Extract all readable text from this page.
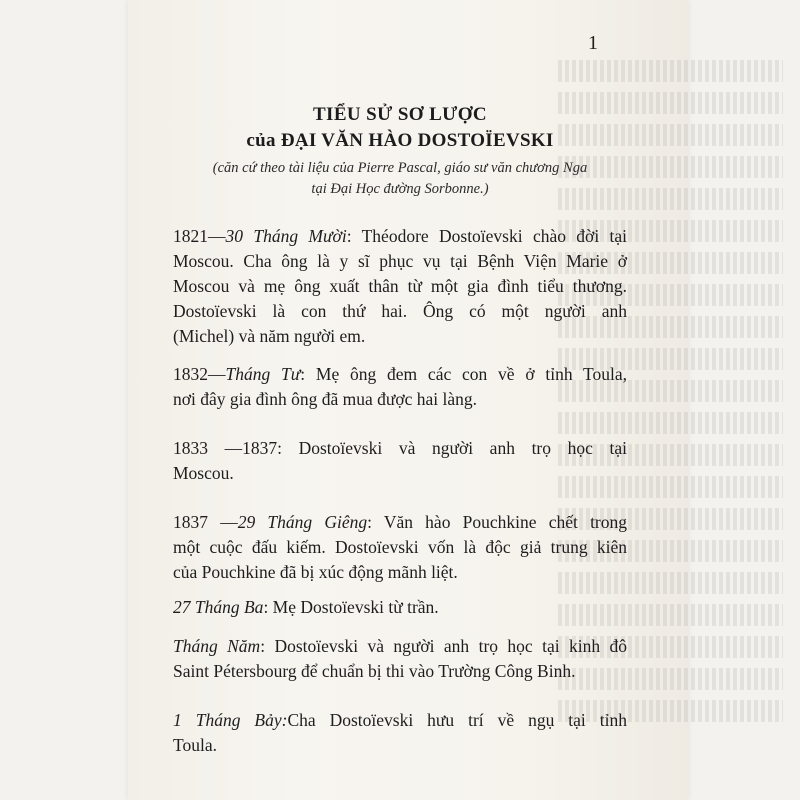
1
TIỂU SỬ SƠ LƯỢC
của ĐẠI VĂN HÀO DOSTOÏEVSKI
(căn cứ theo tài liệu của Pierre Pascal, giáo sư văn chương Nga
tại Đại Học đường Sorbonne.)
1821—30 Tháng Mười: Théodore Dostoïevski chào đời tại
Moscou. Cha ông là y sĩ phục vụ tại Bệnh Viện Marie ở
Moscou và mẹ ông xuất thân từ một gia đình tiểu thương.
Dostoïevski là con thứ hai. Ông có một người anh
(Michel) và năm người em.
1832—Tháng Tư: Mẹ ông đem các con về ở tỉnh Toula,
nơi đây gia đình ông đã mua được hai làng.
1833 —1837: Dostoïevski và người anh trọ học tại
Moscou.
1837 —29 Tháng Giêng: Văn hào Pouchkine chết trong
một cuộc đấu kiếm. Dostoïevski vốn là độc giả trung kiên
của Pouchkine đã bị xúc động mãnh liệt.
27 Tháng Ba: Mẹ Dostoïevski từ trần.
Tháng Năm: Dostoïevski và người anh trọ học tại kinh đô
Saint Pétersbourg để chuẩn bị thi vào Trường Công Binh.
1 Tháng Bảy:Cha Dostoïevski hưu trí về ngụ tại tỉnh
Toula.
